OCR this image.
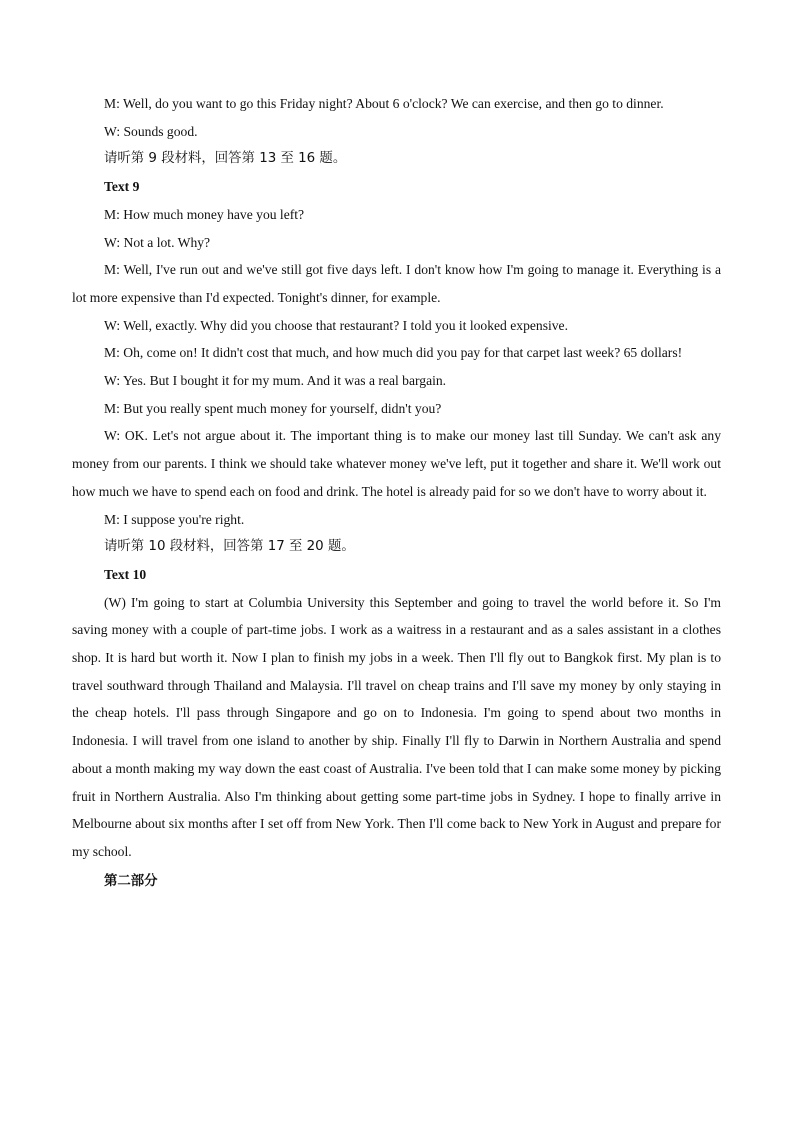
M: Well, do you want to go this Friday night? About 6 o'clock? We can exercise, and then go to dinner.

W: Sounds good.

请听第 9 段材料，回答第 13 至 16 题。

Text 9

M: How much money have you left?

W: Not a lot. Why?

M: Well, I've run out and we've still got five days left. I don't know how I'm going to manage it. Everything is a lot more expensive than I'd expected. Tonight's dinner, for example.

W: Well, exactly. Why did you choose that restaurant? I told you it looked expensive.

M: Oh, come on! It didn't cost that much, and how much did you pay for that carpet last week? 65 dollars!

W: Yes. But I bought it for my mum. And it was a real bargain.

M: But you really spent much money for yourself, didn't you?

W: OK. Let's not argue about it. The important thing is to make our money last till Sunday. We can't ask any money from our parents. I think we should take whatever money we've left, put it together and share it. We'll work out how much we have to spend each on food and drink. The hotel is already paid for so we don't have to worry about it.

M: I suppose you're right.

请听第 10 段材料，回答第 17 至 20 题。

Text 10

(W) I'm going to start at Columbia University this September and going to travel the world before it. So I'm saving money with a couple of part-time jobs. I work as a waitress in a restaurant and as a sales assistant in a clothes shop. It is hard but worth it. Now I plan to finish my jobs in a week. Then I'll fly out to Bangkok first. My plan is to travel southward through Thailand and Malaysia. I'll travel on cheap trains and I'll save my money by only staying in the cheap hotels. I'll pass through Singapore and go on to Indonesia. I'm going to spend about two months in Indonesia. I will travel from one island to another by ship. Finally I'll fly to Darwin in Northern Australia and spend about a month making my way down the east coast of Australia. I've been told that I can make some money by picking fruit in Northern Australia. Also I'm thinking about getting some part-time jobs in Sydney. I hope to finally arrive in Melbourne about six months after I set off from New York. Then I'll come back to New York in August and prepare for my school.

第二部分
